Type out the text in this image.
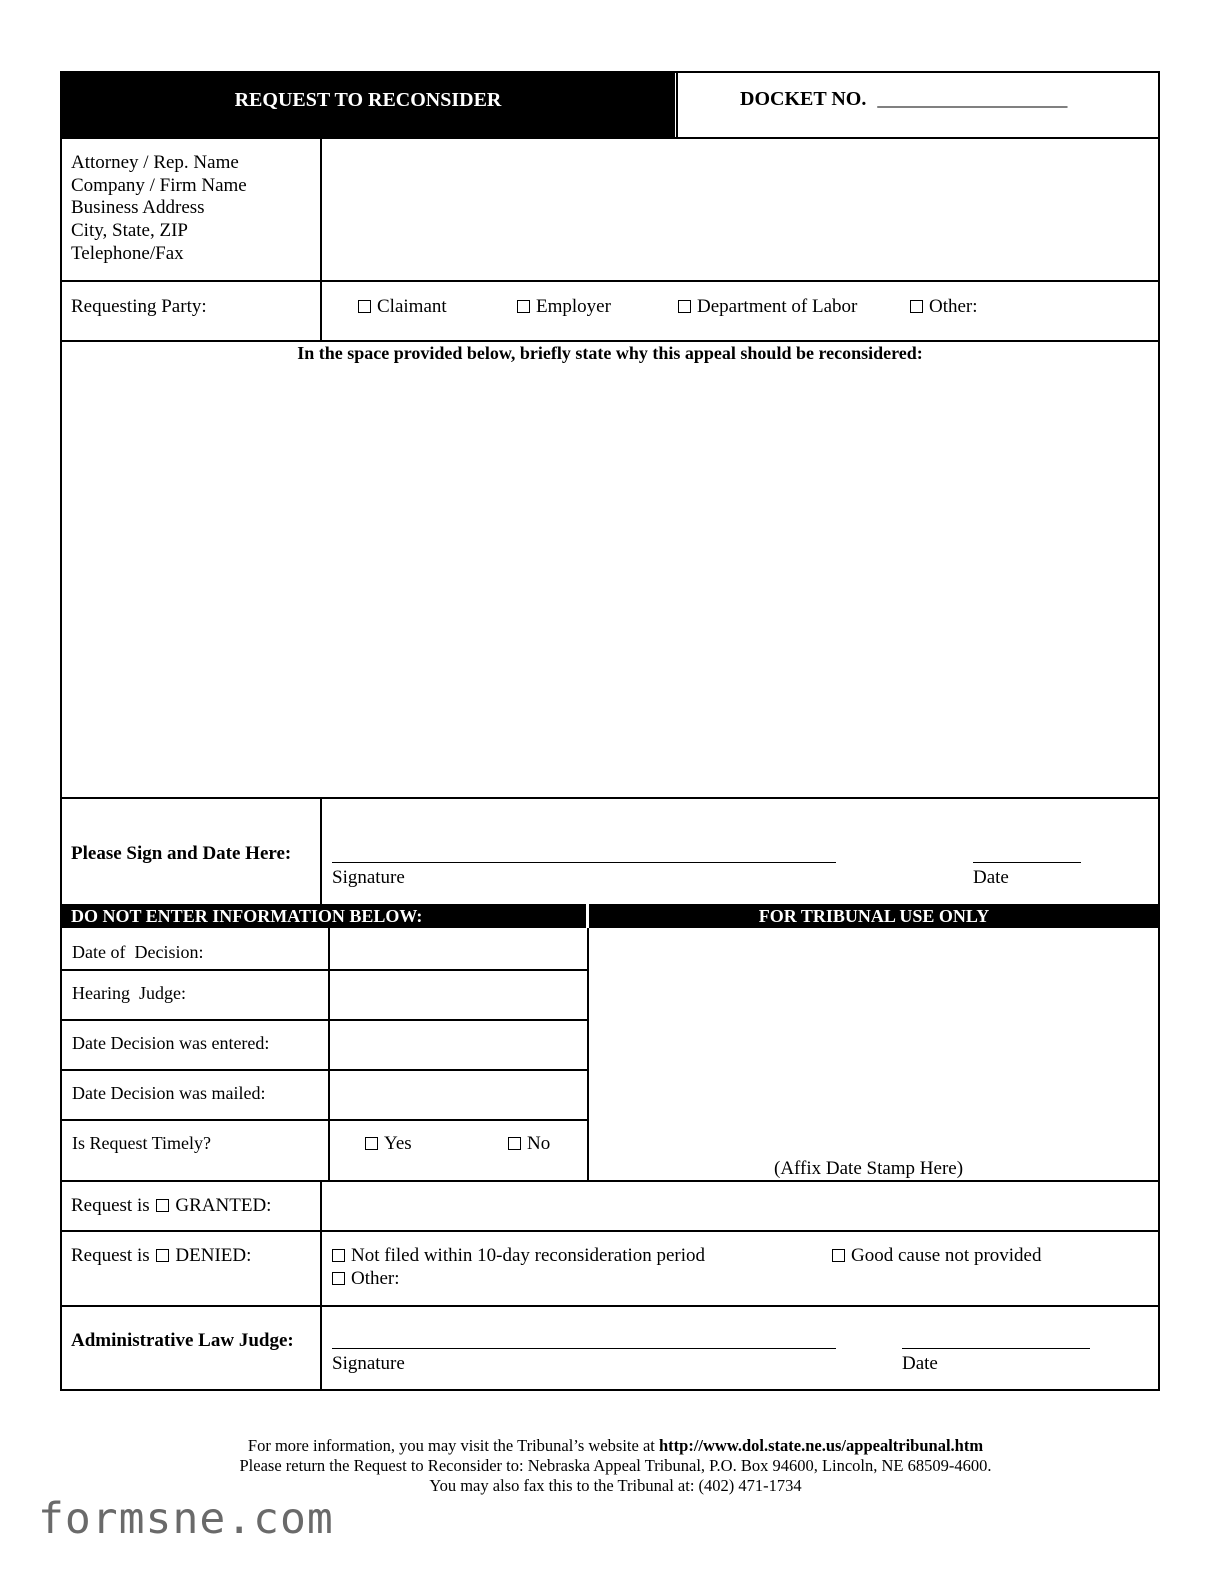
REQUEST TO RECONSIDER	DOCKET NO. ___________________
Attorney / Rep. Name
Company / Firm Name
Business Address
City, State, ZIP
Telephone/Fax
Requesting Party:	Claimant	Employer	Department of Labor	Other:
In the space provided below, briefly state why this appeal should be reconsidered:
Please Sign and Date Here:
Signature	Date
DO NOT ENTER INFORMATION BELOW:	FOR TRIBUNAL USE ONLY
Date of  Decision:
Hearing  Judge:
Date Decision was entered:
Date Decision was mailed:
Is Request Timely?	Yes	No
(Affix Date Stamp Here)
Request is GRANTED:
Request is DENIED:	Not filed within 10-day reconsideration period	Good cause not provided
Other:
Administrative Law Judge:
Signature	Date
For more information, you may visit the Tribunal’s website at http://www.dol.state.ne.us/appealtribunal.htm
Please return the Request to Reconsider to: Nebraska Appeal Tribunal, P.O. Box 94600, Lincoln, NE 68509-4600.
You may also fax this to the Tribunal at: (402) 471-1734
formsne.com
